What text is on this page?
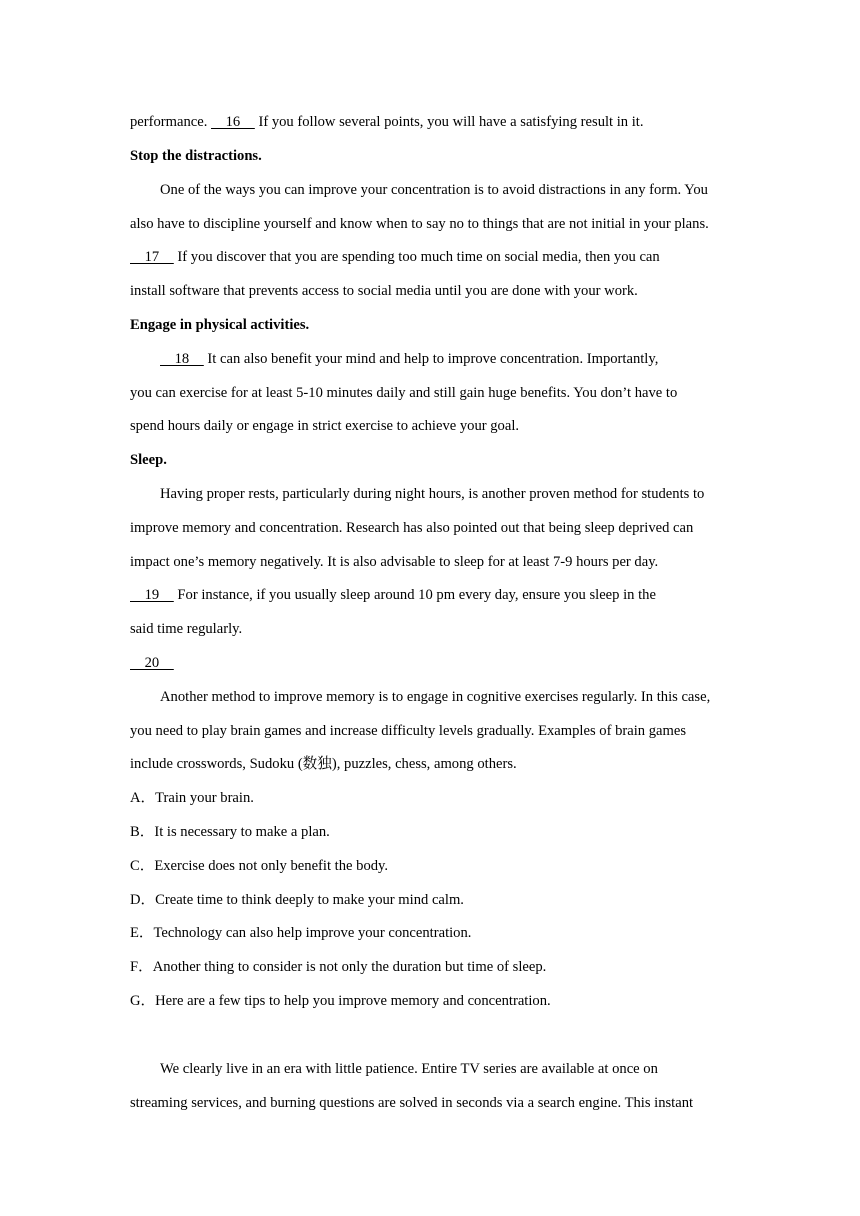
performance.     16     If you follow several points, you will have a satisfying result in it.
Stop the distractions.
One of the ways you can improve your concentration is to avoid distractions in any form. You
also have to discipline yourself and know when to say no to things that are not initial in your plans.
17     If you discover that you are spending too much time on social media, then you can
install software that prevents access to social media until you are done with your work.
Engage in physical activities.
18     It can also benefit your mind and help to improve concentration. Importantly,
you can exercise for at least 5-10 minutes daily and still gain huge benefits. You don’t have to
spend hours daily or engage in strict exercise to achieve your goal.
Sleep.
Having proper rests, particularly during night hours, is another proven method for students to
improve memory and concentration. Research has also pointed out that being sleep deprived can
impact one’s memory negatively. It is also advisable to sleep for at least 7-9 hours per day.
19     For instance, if you usually sleep around 10 pm every day, ensure you sleep in the
said time regularly.
20
Another method to improve memory is to engage in cognitive exercises regularly. In this case,
you need to play brain games and increase difficulty levels gradually. Examples of brain games
include crosswords, Sudoku (数独), puzzles, chess, among others.
A．Train your brain.
B．It is necessary to make a plan.
C．Exercise does not only benefit the body.
D．Create time to think deeply to make your mind calm.
E．Technology can also help improve your concentration.
F．Another thing to consider is not only the duration but time of sleep.
G．Here are a few tips to help you improve memory and concentration.
We clearly live in an era with little patience. Entire TV series are available at once on
streaming services, and burning questions are solved in seconds via a search engine. This instant
